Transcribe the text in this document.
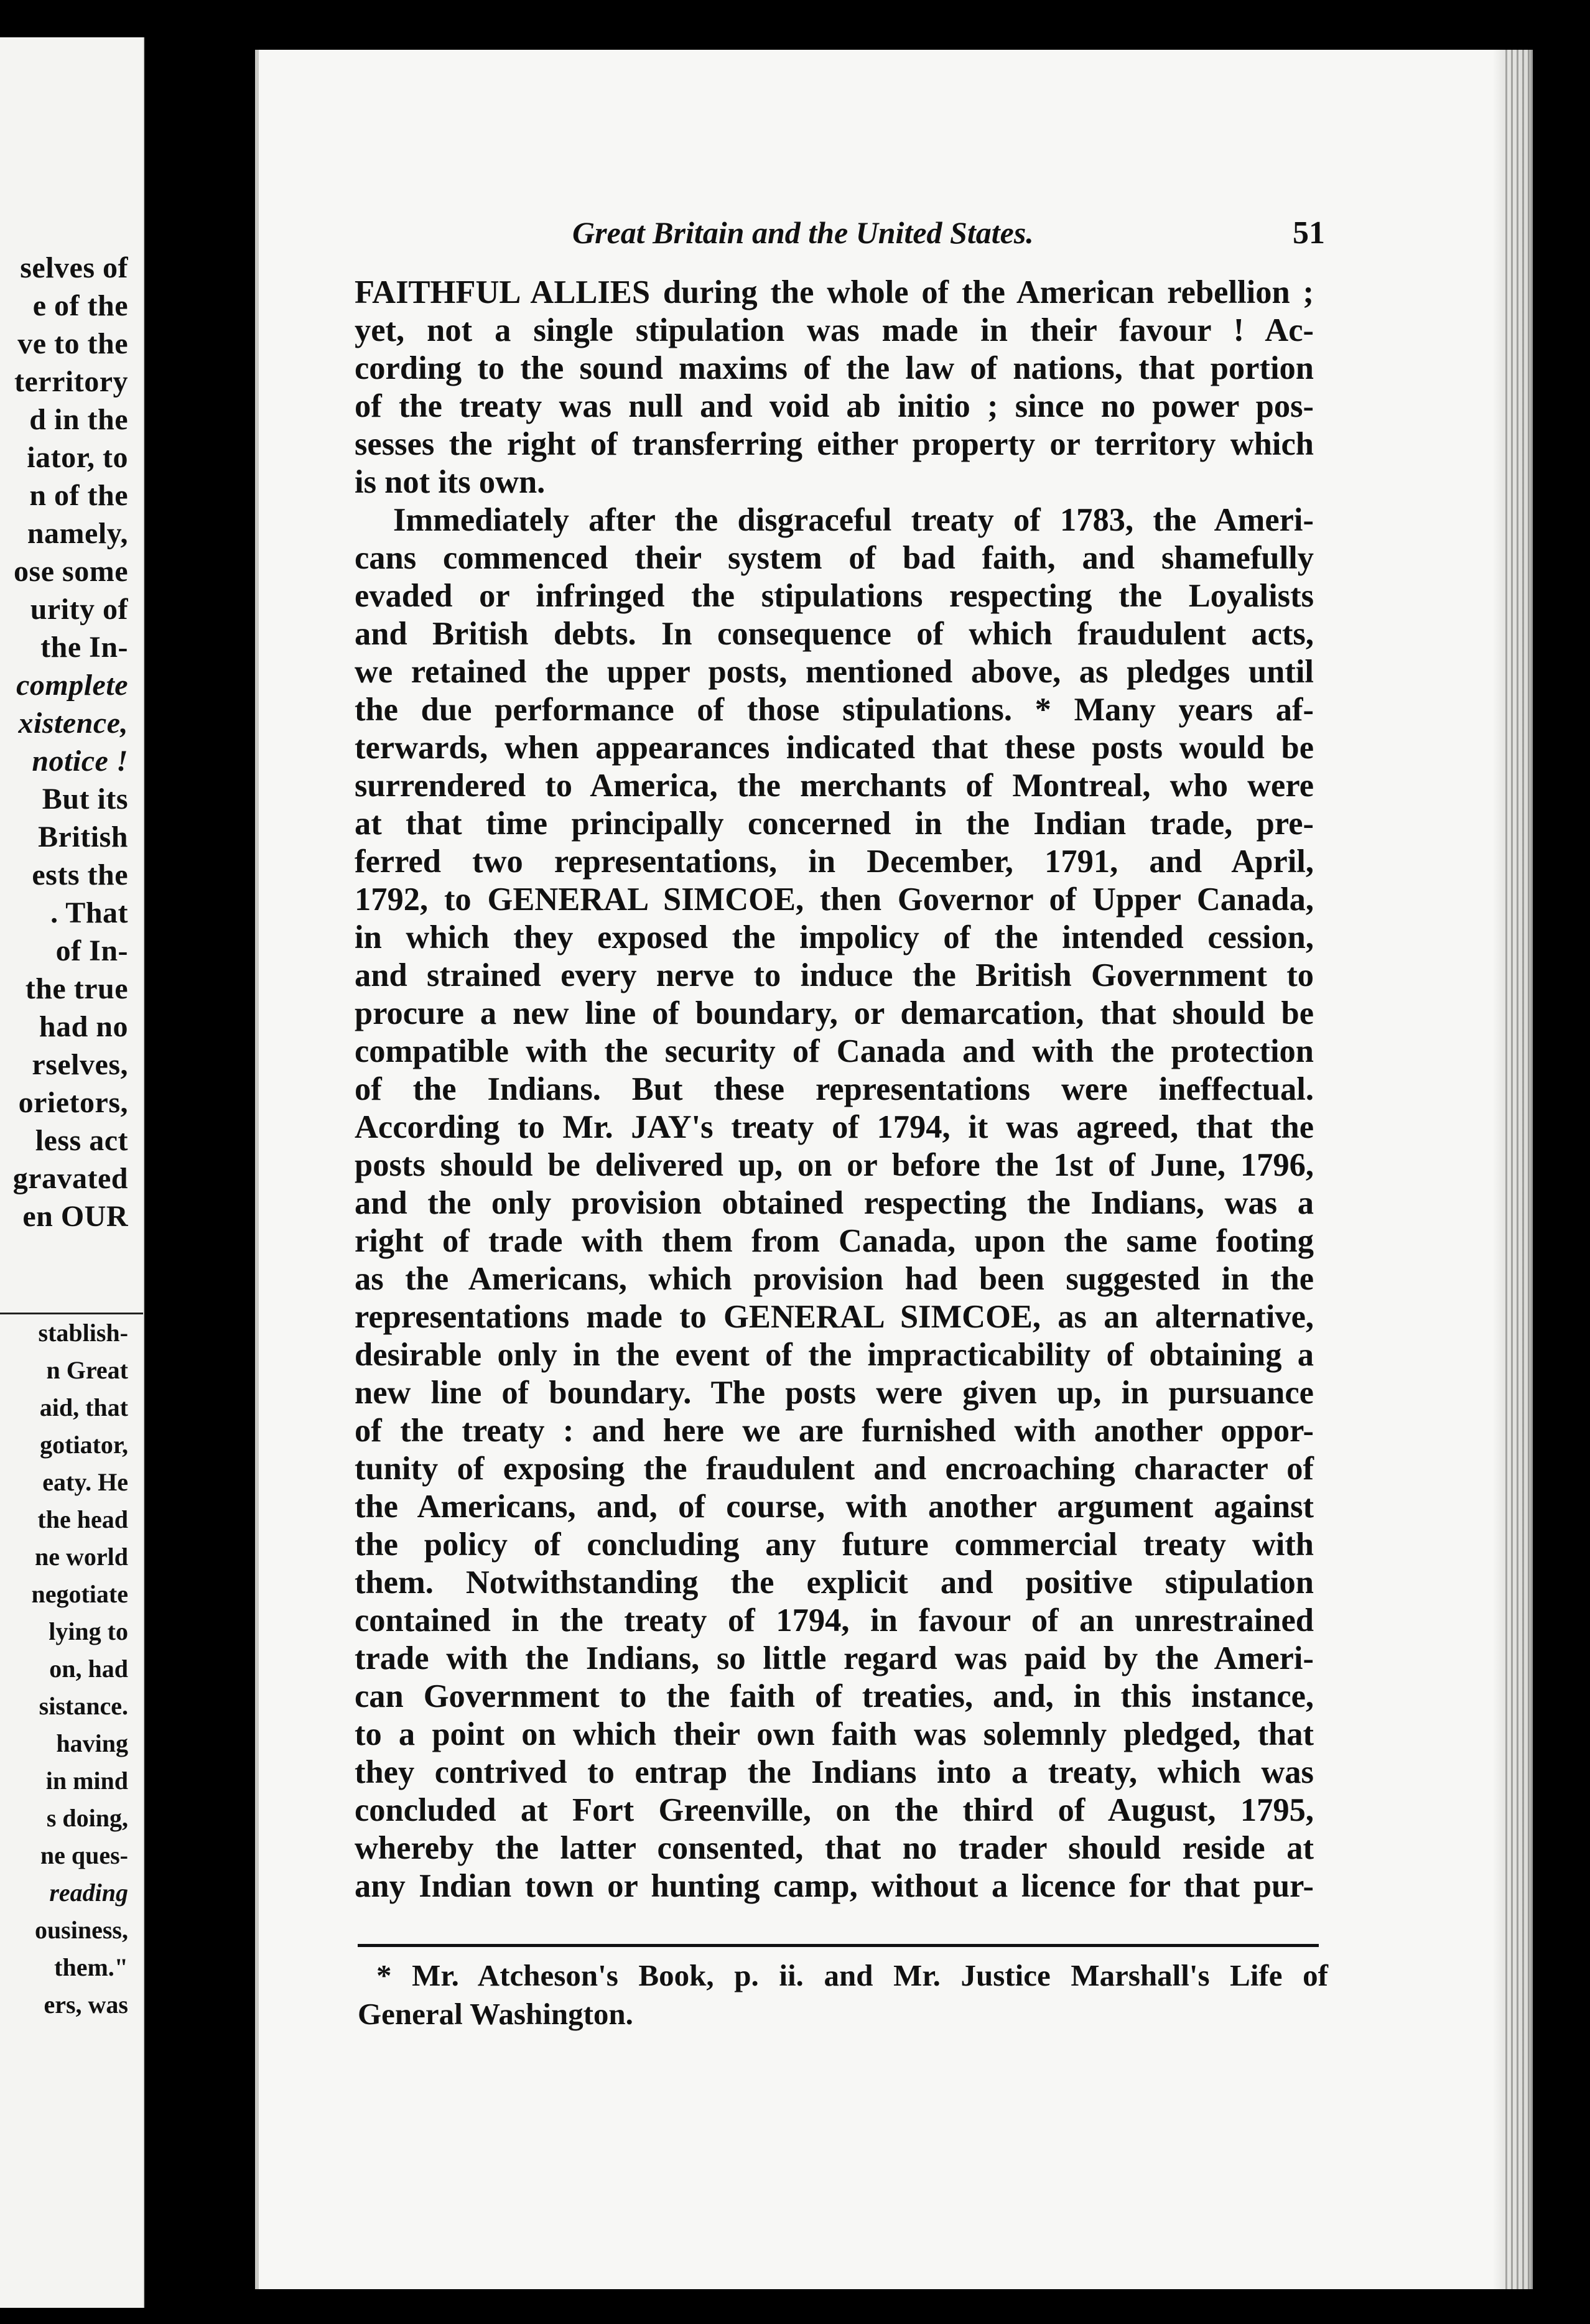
selves of
e of the
ve to the
territory
d in the
iator, to
n of the
namely,
ose some
urity of
the In-
complete
xistence,
notice !
But its
British
ests the
. That
of In-
the true
had no
rselves,
orietors,
less act
gravated
en OUR
stablish-
n Great
aid, that
gotiator,
eaty. He
the head
ne world
negotiate
lying to
on, had
sistance.
having
in mind
s doing,
ne ques-
reading
ousiness,
them."
ers, was
Great Britain and the United States.	51
FAITHFUL ALLIES during the whole of the American rebellion ;
yet, not a single stipulation was made in their favour ! Ac-
cording to the sound maxims of the law of nations, that portion
of the treaty was null and void ab initio ; since no power pos-
sesses the right of transferring either property or territory which
is not its own.
Immediately after the disgraceful treaty of 1783, the Ameri-
cans commenced their system of bad faith, and shamefully
evaded or infringed the stipulations respecting the Loyalists
and British debts. In consequence of which fraudulent acts,
we retained the upper posts, mentioned above, as pledges until
the due performance of those stipulations. * Many years af-
terwards, when appearances indicated that these posts would be
surrendered to America, the merchants of Montreal, who were
at that time principally concerned in the Indian trade, pre-
ferred two representations, in December, 1791, and April,
1792, to GENERAL SIMCOE, then Governor of Upper Canada,
in which they exposed the impolicy of the intended cession,
and strained every nerve to induce the British Government to
procure a new line of boundary, or demarcation, that should be
compatible with the security of Canada and with the protection
of the Indians. But these representations were ineffectual.
According to Mr. JAY's treaty of 1794, it was agreed, that the
posts should be delivered up, on or before the 1st of June, 1796,
and the only provision obtained respecting the Indians, was a
right of trade with them from Canada, upon the same footing
as the Americans, which provision had been suggested in the
representations made to GENERAL SIMCOE, as an alternative,
desirable only in the event of the impracticability of obtaining a
new line of boundary. The posts were given up, in pursuance
of the treaty : and here we are furnished with another oppor-
tunity of exposing the fraudulent and encroaching character of
the Americans, and, of course, with another argument against
the policy of concluding any future commercial treaty with
them. Notwithstanding the explicit and positive stipulation
contained in the treaty of 1794, in favour of an unrestrained
trade with the Indians, so little regard was paid by the Ameri-
can Government to the faith of treaties, and, in this instance,
to a point on which their own faith was solemnly pledged, that
they contrived to entrap the Indians into a treaty, which was
concluded at Fort Greenville, on the third of August, 1795,
whereby the latter consented, that no trader should reside at
any Indian town or hunting camp, without a licence for that pur-
* Mr. Atcheson's Book, p. ii. and Mr. Justice Marshall's Life of
General Washington.
